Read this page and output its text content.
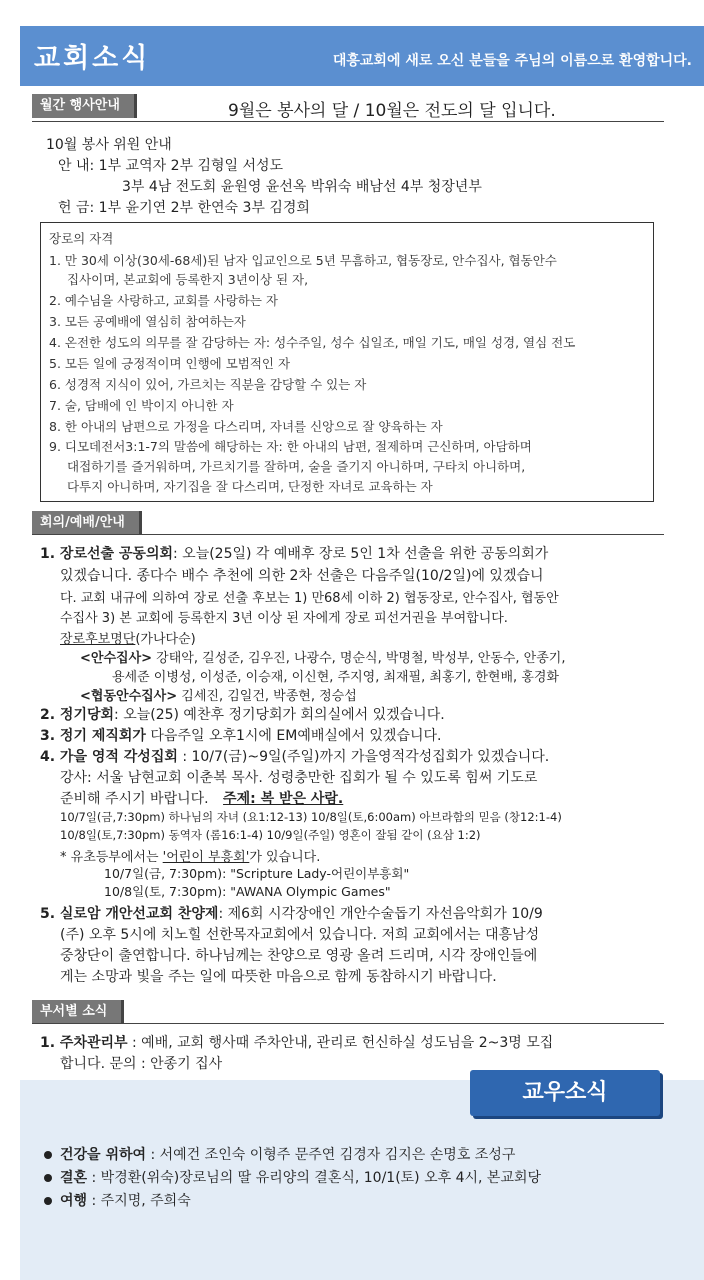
교회소식	대흥교회에 새로 오신 분들을 주님의 이름으로 환영합니다.
월간 행사안내	9월은 봉사의 달 / 10월은 전도의 달 입니다.
10월 봉사 위원 안내
안 내: 1부 교역자 2부 김형일 서성도
3부 4남 전도회 윤원영 윤선옥 박위숙 배남선 4부 청장년부
헌 금: 1부 윤기연 2부 한연숙 3부 김경희
장로의 자격
1. 만 30세 이상(30세-68세)된 남자 입교인으로 5년 무흠하고, 협동장로, 안수집사, 협동안수
집사이며, 본교회에 등록한지 3년이상 된 자,
2. 예수님을 사랑하고, 교회를 사랑하는 자
3. 모든 공예배에 열심히 참여하는자
4. 온전한 성도의 의무를 잘 감당하는 자: 성수주일, 성수 십일조, 매일 기도, 매일 성경, 열심 전도
5. 모든 일에 긍정적이며 인행에 모범적인 자
6. 성경적 지식이 있어, 가르치는 직분을 감당할 수 있는 자
7. 술, 담배에 인 박이지 아니한 자
8. 한 아내의 남편으로 가정을 다스리며, 자녀를 신앙으로 잘 양육하는 자
9. 디모데전서3:1-7의 말씀에 해당하는 자: 한 아내의 남편, 절제하며 근신하며, 아담하며
대접하기를 즐거워하며, 가르치기를 잘하며, 술을 즐기지 아니하며, 구타치 아니하며,
다투지 아니하며, 자기집을 잘 다스리며, 단정한 자녀로 교육하는 자
회의/예배/안내
1. 장로선출 공동의회: 오늘(25일) 각 예배후 장로 5인 1차 선출을 위한 공동의회가
있겠습니다. 종다수 배수 추천에 의한 2차 선출은 다음주일(10/2일)에 있겠습니
다. 교회 내규에 의하여 장로 선출 후보는 1) 만68세 이하 2) 협동장로, 안수집사, 협동안
수집사 3) 본 교회에 등록한지 3년 이상 된 자에게 장로 피선거권을 부여합니다.
장로후보명단(가나다순)
<안수집사> 강태악, 길성준, 김우진, 나광수, 명순식, 박명철, 박성부, 안동수, 안종기,
용세준 이병성, 이성준, 이승재, 이신현, 주지영, 최재필, 최홍기, 한현배, 홍경화
<협동안수집사> 김세진, 김일건, 박종현, 정승섭
2. 정기당회: 오늘(25) 예찬후 정기당회가 회의실에서 있겠습니다.
3. 정기 제직회가 다음주일 오후1시에 EM예배실에서 있겠습니다.
4. 가을 영적 각성집회 : 10/7(금)~9일(주일)까지 가을영적각성집회가 있겠습니다.
강사: 서울 남현교회 이춘복 목사. 성령충만한 집회가 될 수 있도록 힘써 기도로
준비해 주시기 바랍니다. 주제: 복 받은 사람.
10/7일(금,7:30pm) 하나님의 자녀 (요1:12-13) 10/8일(토,6:00am) 아브라함의 믿음 (창12:1-4)
10/8일(토,7:30pm) 동역자 (롬16:1-4) 10/9일(주일) 영혼이 잘됨 같이 (요삼 1:2)
* 유초등부에서는 '어린이 부흥회'가 있습니다.
10/7일(금, 7:30pm): "Scripture Lady-어린이부흥회"
10/8일(토, 7:30pm): "AWANA Olympic Games"
5. 실로암 개안선교회 찬양제: 제6회 시각장애인 개안수술돕기 자선음악회가 10/9
(주) 오후 5시에 치노힐 선한목자교회에서 있습니다. 저희 교회에서는 대흥남성
중창단이 출연합니다. 하나님께는 찬양으로 영광 올려 드리며, 시각 장애인들에
게는 소망과 빛을 주는 일에 따뜻한 마음으로 함께 동참하시기 바랍니다.
부서별 소식
1. 주차관리부 : 예배, 교회 행사때 주차안내, 관리로 헌신하실 성도님을 2~3명 모집
합니다. 문의 : 안종기 집사
교우소식
건강을 위하여 : 서예건 조인숙 이형주 문주연 김경자 김지은 손명호 조성구
결혼 : 박경환(위숙)장로님의 딸 유리양의 결혼식, 10/1(토) 오후 4시, 본교회당
여행 : 주지명, 주희숙
